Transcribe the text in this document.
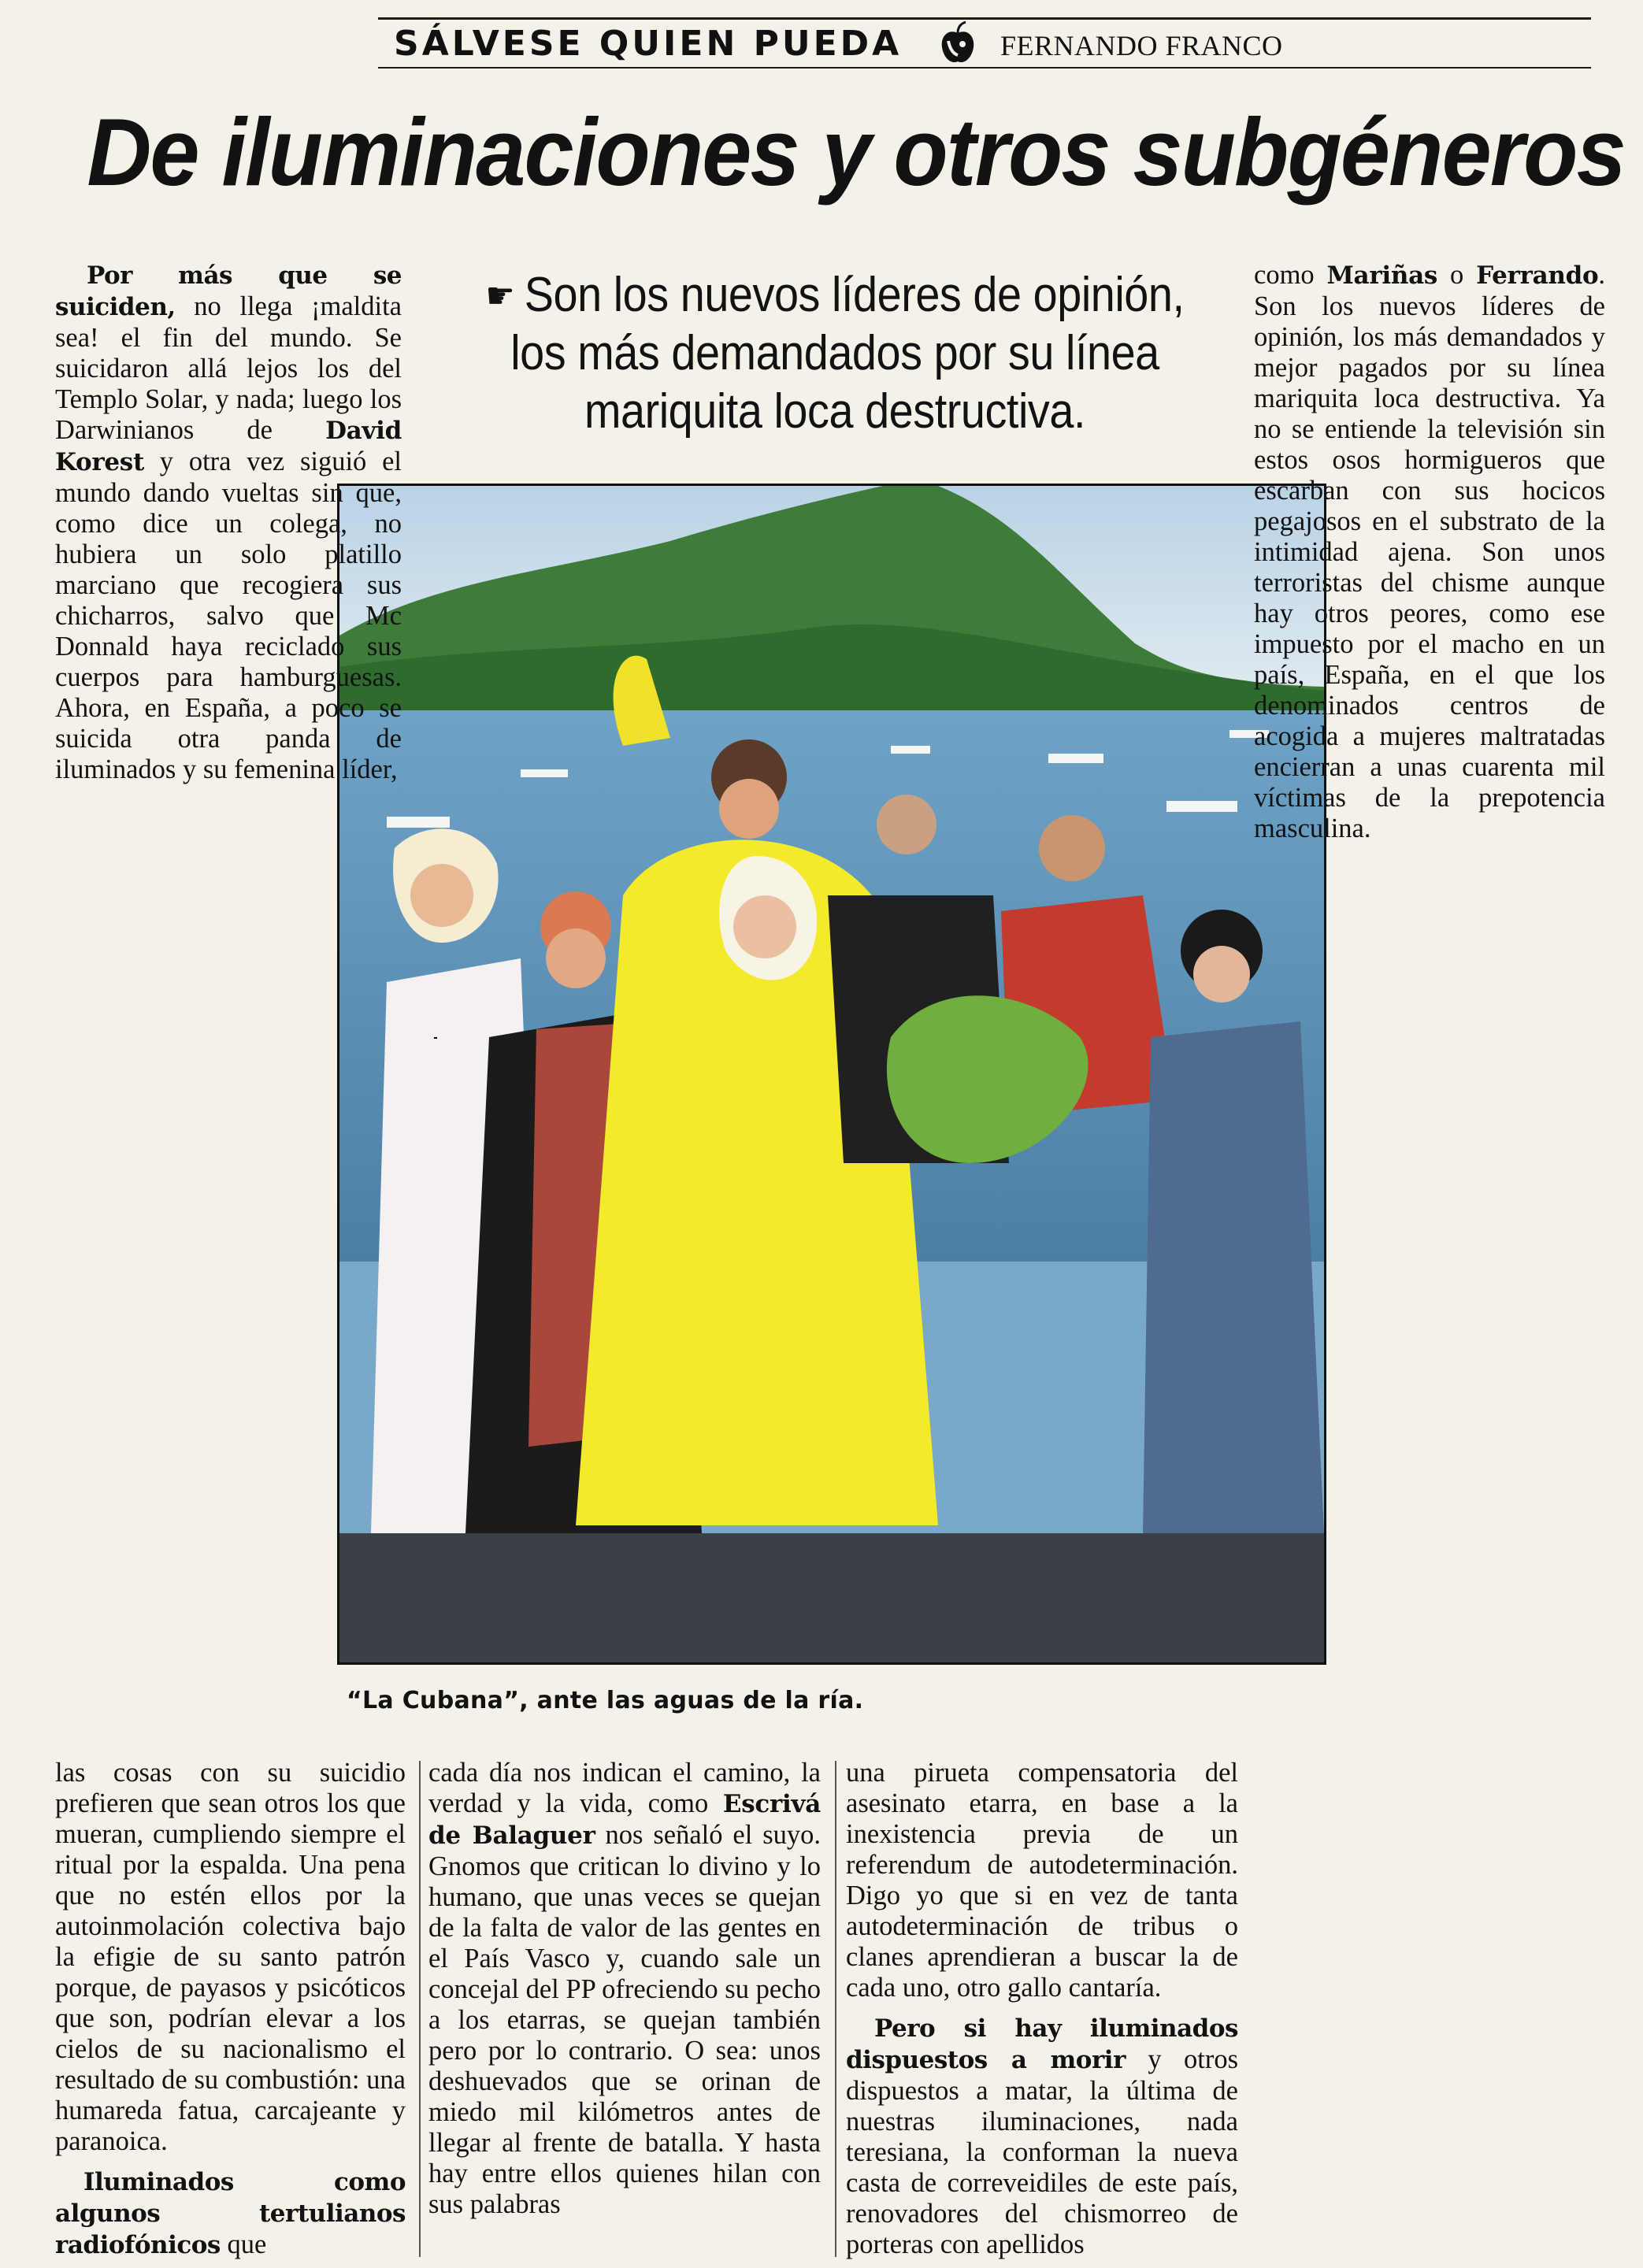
SÁLVESE QUIEN PUEDA	FERNANDO FRANCO
De iluminaciones y otros subgéneros
☛ Son los nuevos líderes de opinión, los más demandados por su línea mariquita loca destructiva.
“La Cubana”, ante las aguas de la ría.

Por más que se suiciden, no llega ¡maldita sea! el fin del mundo. Se suicidaron allá lejos los del Templo Solar, y nada; luego los Darwinianos de David Korest y otra vez siguió el mundo dando vueltas sin que, como dice un colega, no hubiera un solo platillo marciano que recogiera sus chicharros, salvo que Mc Donnald haya reciclado sus cuerpos para hamburguesas. Ahora, en España, a poco se suicida otra panda de iluminados y su femenina líder,

como Mariñas o Ferrando. Son los nuevos líderes de opinión, los más demandados y mejor pagados por su línea mariquita loca destructiva. Ya no se entiende la televisión sin estos osos hormigueros que escarban con sus hocicos pegajosos en el substrato de la intimidad ajena. Son unos terroristas del chisme aunque hay otros peores, como ese impuesto por el macho en un país, España, en el que los denominados centros de acogida a mujeres maltratadas encierran a unas cuarenta mil víctimas de la prepotencia masculina.

las cosas con su suicidio prefieren que sean otros los que mueran, cumpliendo siempre el ritual por la espalda. Una pena que no estén ellos por la autoinmolación colectiva bajo la efigie de su santo patrón porque, de payasos y psicóticos que son, podrían elevar a los cielos de su nacionalismo el resultado de su combustión: una humareda fatua, carcajeante y paranoica.

Iluminados como algunos tertulianos radiofónicos que

cada día nos indican el camino, la verdad y la vida, como Escrivá de Balaguer nos señaló el suyo. Gnomos que critican lo divino y lo humano, que unas veces se quejan de la falta de valor de las gentes en el País Vasco y, cuando sale un concejal del PP ofreciendo su pecho a los etarras, se quejan también pero por lo contrario. O sea: unos deshuevados que se orinan de miedo mil kilómetros antes de llegar al frente de batalla. Y hasta hay entre ellos quienes hilan con sus palabras

una pirueta compensatoria del asesinato etarra, en base a la inexistencia previa de un referendum de autodeterminación. Digo yo que si en vez de tanta autodeterminación de tribus o clanes aprendieran a buscar la de cada uno, otro gallo cantaría.

Pero si hay iluminados dispuestos a morir y otros dispuestos a matar, la última de nuestras iluminaciones, nada teresiana, la conforman la nueva casta de correveidiles de este país, renovadores del chismorreo de porteras con apellidos
